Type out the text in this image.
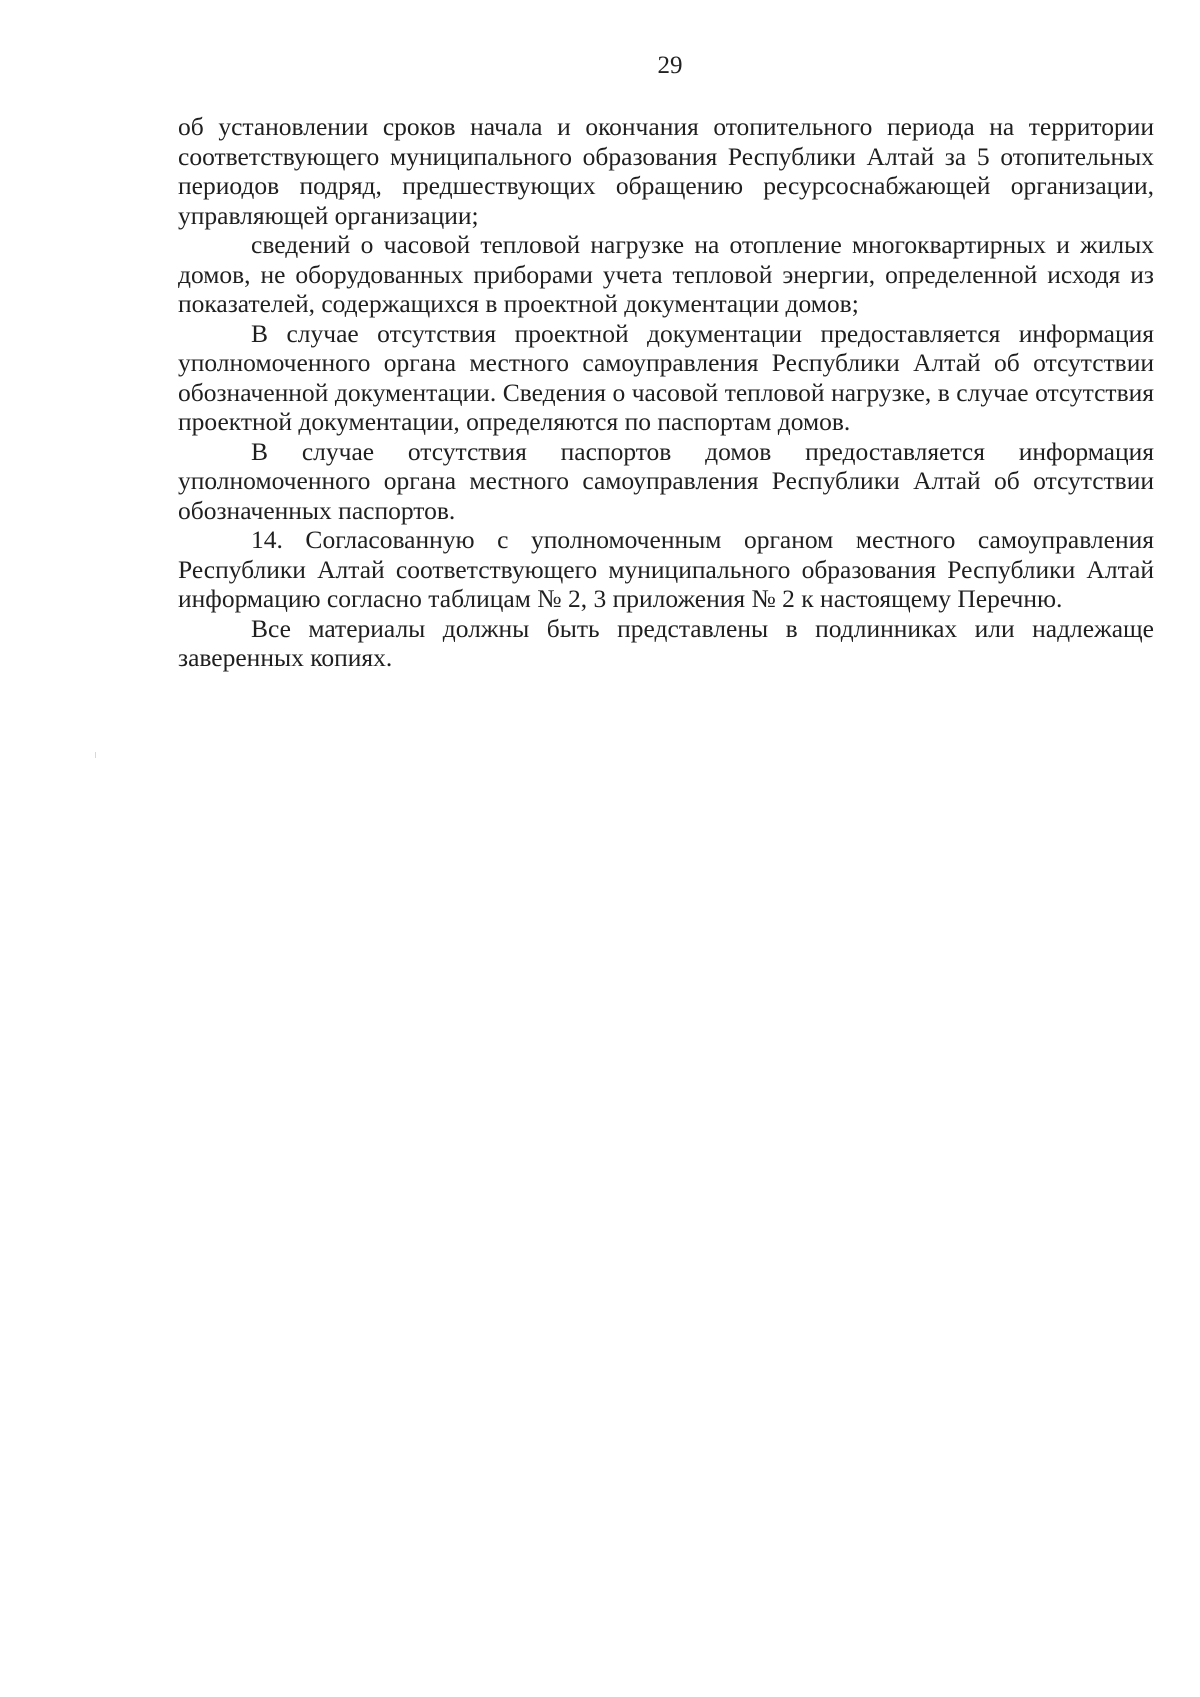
29

об установлении сроков начала и окончания отопительного периода на территории соответствующего муниципального образования Республики Алтай за 5 отопительных периодов подряд, предшествующих обращению ресурсоснабжающей организации, управляющей организации;

сведений о часовой тепловой нагрузке на отопление многоквартирных и жилых домов, не оборудованных приборами учета тепловой энергии, определенной исходя из показателей, содержащихся в проектной документации домов;

В случае отсутствия проектной документации предоставляется информация уполномоченного органа местного самоуправления Республики Алтай об отсутствии обозначенной документации. Сведения о часовой тепловой нагрузке, в случае отсутствия проектной документации, определяются по паспортам домов.

В случае отсутствия паспортов домов предоставляется информация уполномоченного органа местного самоуправления Республики Алтай об отсутствии обозначенных паспортов.

14. Согласованную с уполномоченным органом местного самоуправления Республики Алтай соответствующего муниципального образования Республики Алтай информацию согласно таблицам № 2, 3 приложения № 2 к настоящему Перечню.

Все материалы должны быть представлены в подлинниках или надлежаще заверенных копиях.
